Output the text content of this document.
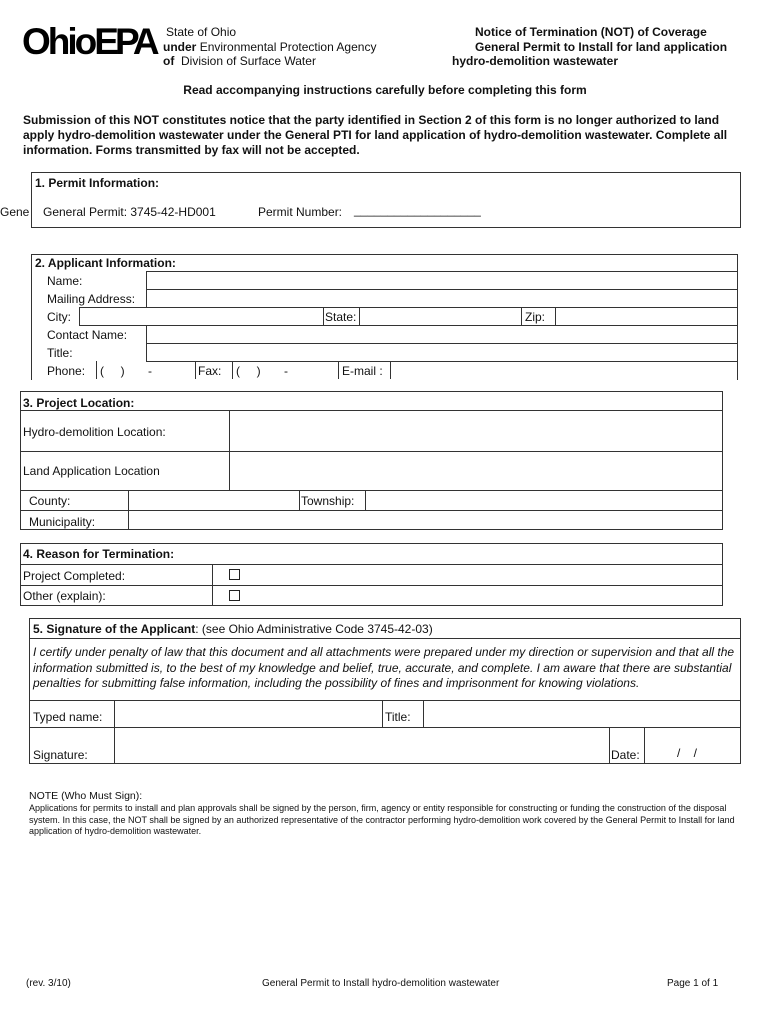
OhioEPA State of Ohio
under Environmental Protection Agency
of Division of Surface Water
Notice of Termination (NOT) of Coverage
General Permit to Install for land application
hydro-demolition wastewater
Read accompanying instructions carefully before completing this form
Submission of this NOT constitutes notice that the party identified in Section 2 of this form is no longer authorized to land apply hydro-demolition wastewater under the General PTI for land application of hydro-demolition wastewater. Complete all information. Forms transmitted by fax will not be accepted.
1. Permit Information:
Gene General Permit: 3745-42-HD001	Permit Number: ___________________
2. Applicant Information:
Name:
Mailing Address:
City:	State:	Zip:
Contact Name:
Title:
Phone: (     )       -	Fax: (     )       -	E-mail :
3. Project Location:
Hydro-demolition Location:
Land Application Location
County:	Township:
Municipality:
4. Reason for Termination:
Project Completed:
Other (explain):
5. Signature of the Applicant: (see Ohio Administrative Code 3745-42-03)
I certify under penalty of law that this document and all attachments were prepared under my direction or supervision and that all the information submitted is, to the best of my knowledge and belief, true, accurate, and complete. I am aware that there are substantial penalties for submitting false information, including the possibility of fines and imprisonment for knowing violations.
Typed name:	Title:
Signature:	Date:	/    /
NOTE (Who Must Sign):
Applications for permits to install and plan approvals shall be signed by the person, firm, agency or entity responsible for constructing or funding the construction of the disposal system. In this case, the NOT shall be signed by an authorized representative of the contractor performing hydro-demolition work covered by the General Permit to Install for land application of hydro-demolition wastewater.
(rev. 3/10)	General Permit to Install hydro-demolition wastewater	Page 1 of 1
